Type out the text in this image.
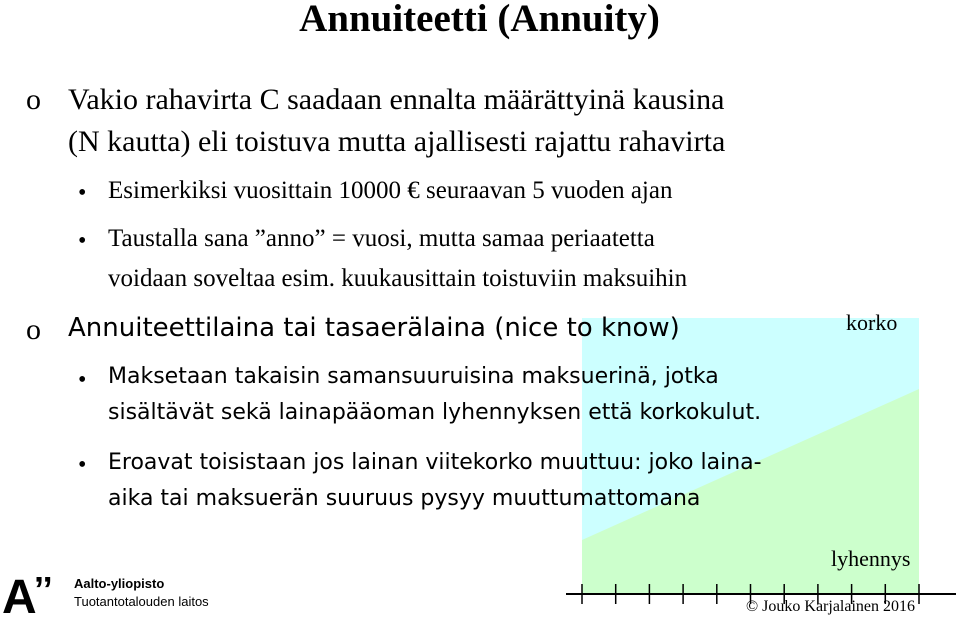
korko
lyhennys
Annuiteetti (Annuity)
o Vakio rahavirta C saadaan ennalta määrättyinä kausina
(N kautta) eli toistuva mutta ajallisesti rajattu rahavirta
• Esimerkiksi vuosittain 10000 € seuraavan 5 vuoden ajan
• Taustalla sana ”anno” = vuosi, mutta samaa periaatetta
voidaan soveltaa esim. kuukausittain toistuviin maksuihin
o Annuiteettilaina tai tasaerälaina (nice to know)
• Maksetaan takaisin samansuuruisina maksuerinä, jotka
sisältävät sekä lainapääoman lyhennyksen että korkokulut.
• Eroavat toisistaan jos lainan viitekorko muuttuu: joko laina-
aika tai maksuerän suuruus pysyy muuttumattomana
A
’’ Aalto-yliopisto
Tuotantotalouden laitos	© Jouko Karjalainen 2016
